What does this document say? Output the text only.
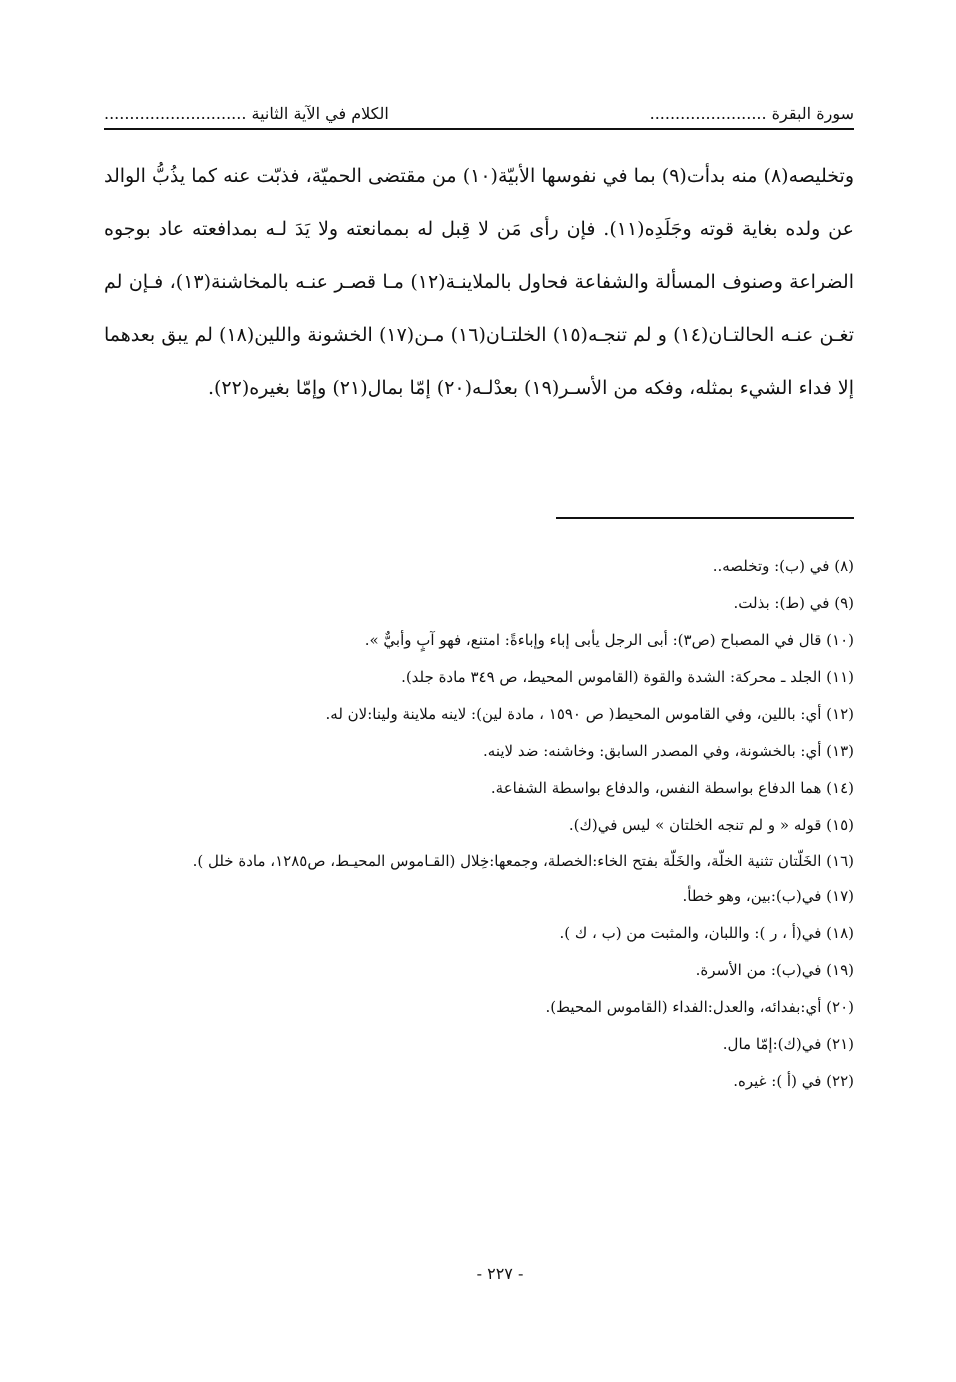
سورة البقرة .......................
الكلام في الآية الثانية ............................

وتخليصه(٨) منه بدأت(٩) بما في نفوسها الأبيّة(١٠) من مقتضى الحميّة، فذبّت عنه كما يذُبُّ الوالد عن ولده بغاية قوته وجَلَدِه(١١). فإن رأى مَن لا قِبل له بممانعته ولا يَدَ لـه بمدافعته عاد بوجوه الضراعة وصنوف المسألة والشفاعة فحاول بالملاينـة(١٢) مـا قصـر عنـه بالمخاشنة(١٣)، فـإن لم تغـن عنـه الحالتـان(١٤) و لم تنجـه(١٥) الخلتـان(١٦) مـن(١٧) الخشونة واللين(١٨) لم يبق بعدهما إلا فداء الشيء بمثله، وفكه من الأسـر(١٩) بعدْلـه(٢٠) إمّا بمال(٢١) وإمّا بغيره(٢٢).

(٨) في (ب): وتخلصه..
(٩) في (ط): بذلت.
(١٠) قال في المصباح (ص٣): أبى الرجل يأبى إباء وإباءةً: امتنع، فهو آبٍ وأبيٌّ ».
(١١) الجلد ـ محركة: الشدة والقوة (القاموس المحيط، ص ٣٤٩ مادة جلد).
(١٢) أي: باللين، وفي القاموس المحيط( ص ١٥٩٠ ، مادة لين): لاينه ملاينة ولينا:لان له.
(١٣) أي: بالخشونة، وفي المصدر السابق: وخاشنه: ضد لاينه.
(١٤) هما الدفاع بواسطة النفس، والدفاع بواسطة الشفاعة.
(١٥) قوله « و لم تنجه الخلتان » ليس في(ك).
(١٦) الخَلّتان تثنية الخلّة، والخَلّة بفتح الخاء:الخصلة، وجمعها:خِلال (القـاموس المحيـط، ص١٢٨٥، مادة خلل ).
(١٧) في(ب):بين، وهو خطأ.
(١٨) في(أ ، ر ): واللبان، والمثبت من (ب ، ك ).
(١٩) في(ب): من الأسرة.
(٢٠) أي:بفدائه، والعدل:الفداء (القاموس المحيط).
(٢١) في(ك):إمّا مال.
(٢٢) في (أ ): غيره.
- ٢٢٧ -
